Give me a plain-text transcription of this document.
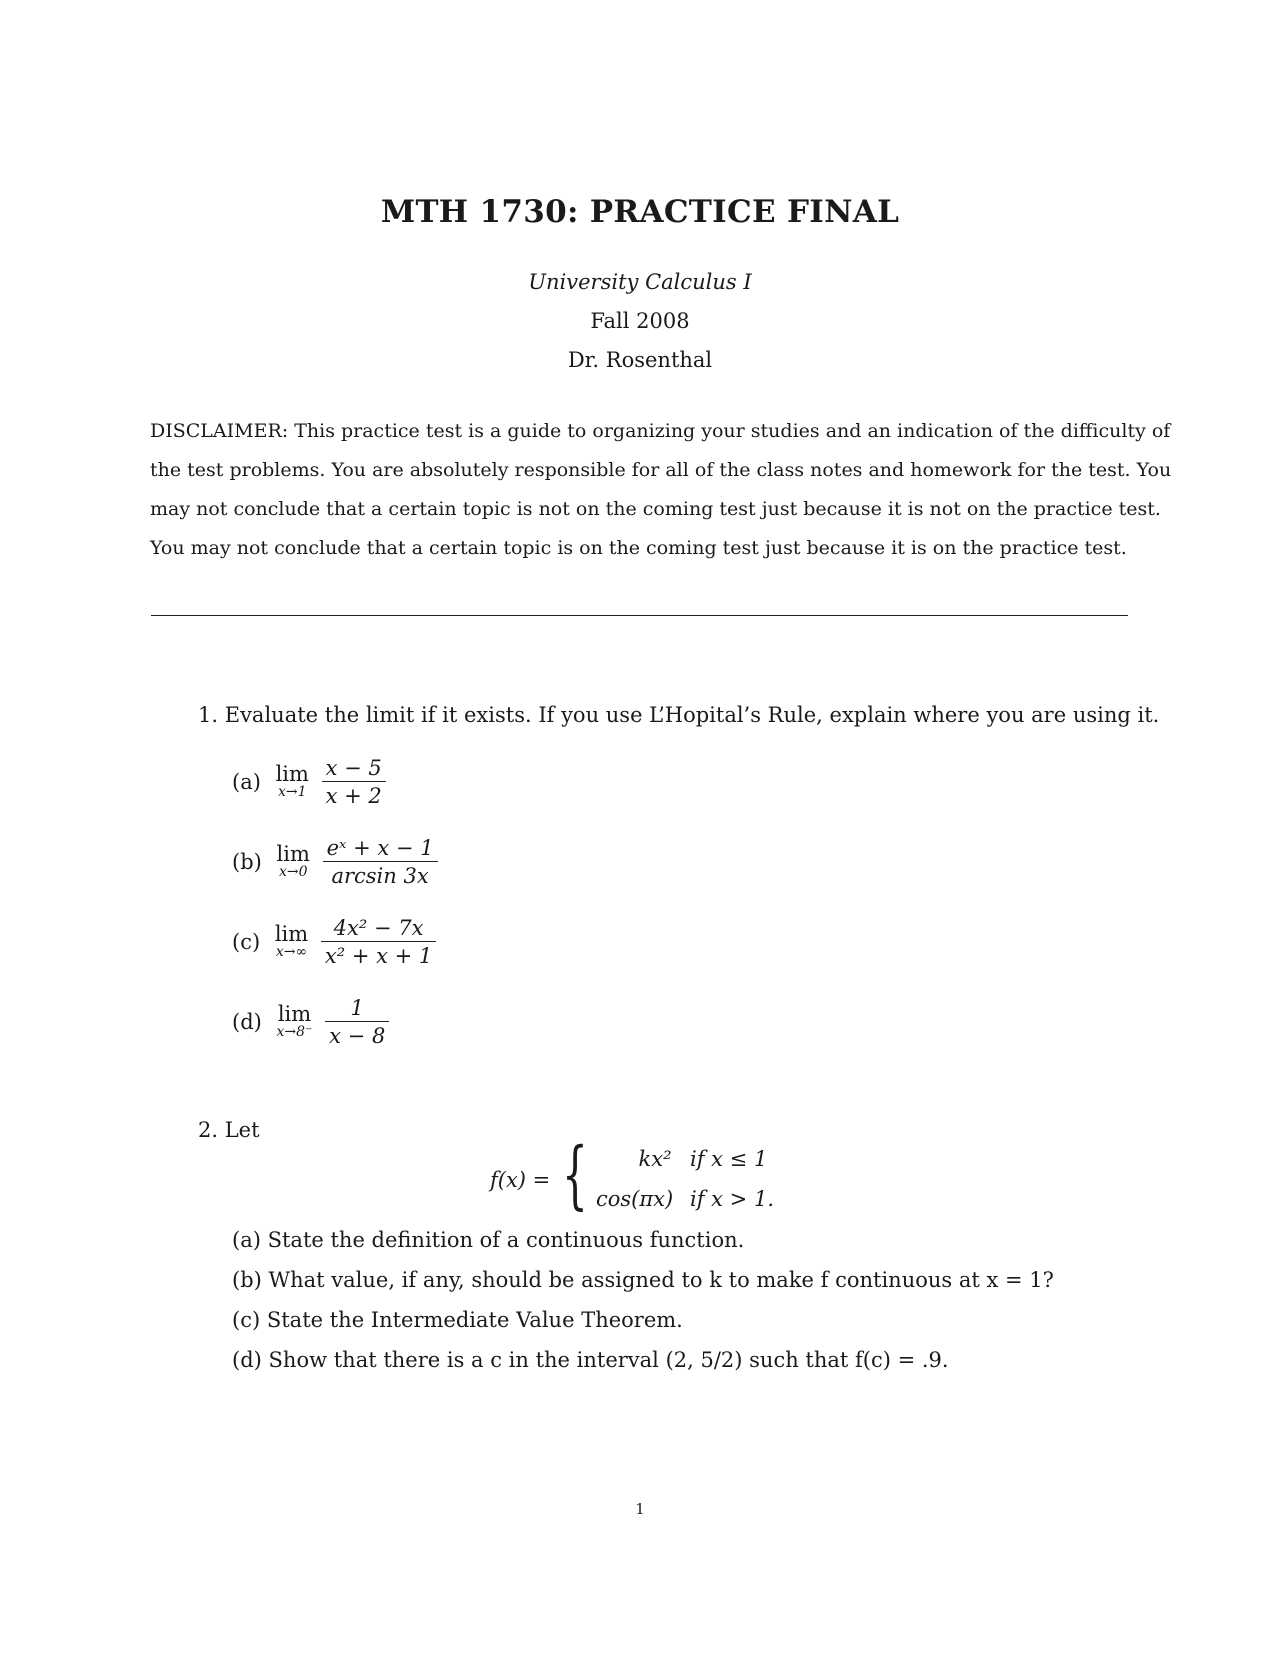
MTH 1730: PRACTICE FINAL
University Calculus I
Fall 2008
Dr. Rosenthal
DISCLAIMER: This practice test is a guide to organizing your studies and an indication of the difficulty of
the test problems. You are absolutely responsible for all of the class notes and homework for the test. You
may not conclude that a certain topic is not on the coming test just because it is not on the practice test.
You may not conclude that a certain topic is on the coming test just because it is on the practice test.
1. Evaluate the limit if it exists. If you use L’Hopital’s Rule, explain where you are using it.
(a) lim
x→1
$\frac{x - 5}{x + 2}$
(b) lim
x→0
$\frac{\text{eˣ + x − 1}}{\arcsin 3x}$
(c) lim
x→∞
$\frac{\text{4x² − 7x}}{\text{x² + x + 1}}$
(d) lim
x→8⁻
$\frac{1}{x - 8}$
2. Let
f(x) = {	kx² if x ≤ 1
cos(πx) if x > 1.
(a) State the definition of a continuous function.
(b) What value, if any, should be assigned to k to make f continuous at x = 1?
(c) State the Intermediate Value Theorem.
(d) Show that there is a c in the interval (2, 5/2) such that f(c) = .9.
1
